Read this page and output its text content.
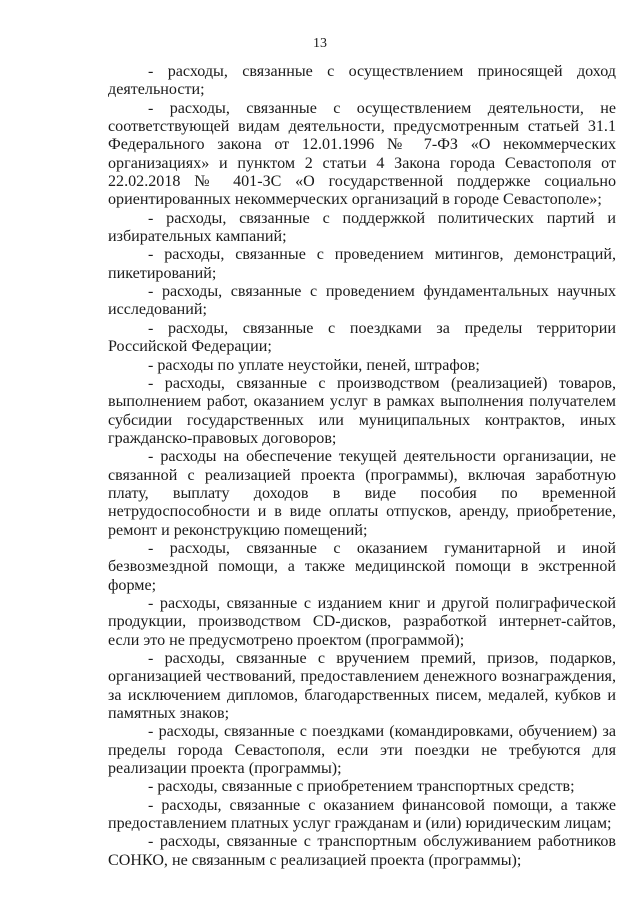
13

- расходы, связанные с осуществлением приносящей доход деятельности;

- расходы, связанные с осуществлением деятельности, не соответствующей видам деятельности, предусмотренным статьей 31.1 Федерального закона от 12.01.1996 № 7-ФЗ «О некоммерческих организациях» и пунктом 2 статьи 4 Закона города Севастополя от 22.02.2018 № 401-ЗС «О государственной поддержке социально ориентированных некоммерческих организаций в городе Севастополе»;

- расходы, связанные с поддержкой политических партий и избирательных кампаний;

- расходы, связанные с проведением митингов, демонстраций, пикетирований;

- расходы, связанные с проведением фундаментальных научных исследований;

- расходы, связанные с поездками за пределы территории Российской Федерации;

- расходы по уплате неустойки, пеней, штрафов;

- расходы, связанные с производством (реализацией) товаров, выполнением работ, оказанием услуг в рамках выполнения получателем субсидии государственных или муниципальных контрактов, иных гражданско-правовых договоров;

- расходы на обеспечение текущей деятельности организации, не связанной с реализацией проекта (программы), включая заработную плату, выплату доходов в виде пособия по временной нетрудоспособности и в виде оплаты отпусков, аренду, приобретение, ремонт и реконструкцию помещений;

- расходы, связанные с оказанием гуманитарной и иной безвозмездной помощи, а также медицинской помощи в экстренной форме;

- расходы, связанные с изданием книг и другой полиграфической продукции, производством CD-дисков, разработкой интернет-сайтов, если это не предусмотрено проектом (программой);

- расходы, связанные с вручением премий, призов, подарков, организацией чествований, предоставлением денежного вознаграждения, за исключением дипломов, благодарственных писем, медалей, кубков и памятных знаков;

- расходы, связанные с поездками (командировками, обучением) за пределы города Севастополя, если эти поездки не требуются для реализации проекта (программы);

- расходы, связанные с приобретением транспортных средств;

- расходы, связанные с оказанием финансовой помощи, а также предоставлением платных услуг гражданам и (или) юридическим лицам;

- расходы, связанные с транспортным обслуживанием работников СОНКО, не связанным с реализацией проекта (программы);
